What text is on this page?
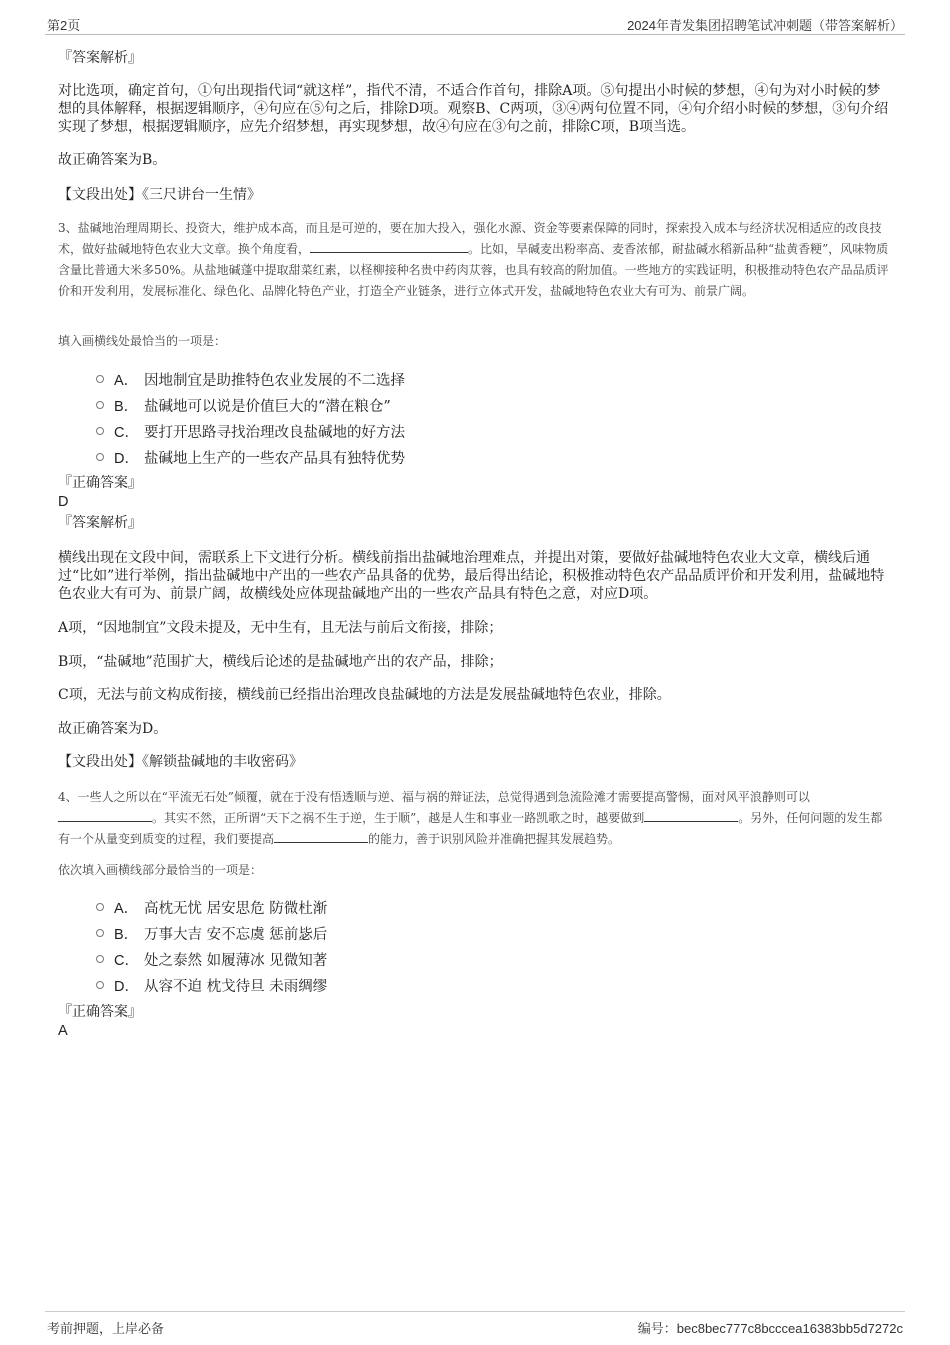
第2页	2024年青发集团招聘笔试冲刺题（带答案解析）
『答案解析』
对比选项，确定首句，①句出现指代词“就这样”，指代不清，不适合作首句，排除A项。⑤句提出小时候的梦想，④句为对小时候的梦想的具体解释，根据逻辑顺序，④句应在⑤句之后，排除D项。观察B、C两项，③④两句位置不同，④句介绍小时候的梦想，③句介绍实现了梦想，根据逻辑顺序，应先介绍梦想，再实现梦想，故④句应在③句之前，排除C项，B项当选。
故正确答案为B。
【文段出处】《三尺讲台一生情》
3、盐碱地治理周期长、投资大，维护成本高，而且是可逆的，要在加大投入，强化水源、资金等要素保障的同时，探索投入成本与经济状况相适应的改良技术，做好盐碱地特色农业大文章。换个角度看，	。比如，旱碱麦出粉率高、麦香浓郁，耐盐碱水稻新品种“盐黄香粳”，风味物质含量比普通大米多50%。从盐地碱蓬中提取甜菜红素，以柽柳接种名贵中药肉苁蓉，也具有较高的附加值。一些地方的实践证明，积极推动特色农产品品质评价和开发利用，发展标准化、绿色化、品牌化特色产业，打造全产业链条，进行立体式开发，盐碱地特色农业大有可为、前景广阔。
填入画横线处最恰当的一项是：
A． 因地制宜是助推特色农业发展的不二选择
B． 盐碱地可以说是价值巨大的“潜在粮仓”
C． 要打开思路寻找治理改良盐碱地的好方法
D． 盐碱地上生产的一些农产品具有独特优势
『正确答案』
D
『答案解析』
横线出现在文段中间，需联系上下文进行分析。横线前指出盐碱地治理难点，并提出对策，要做好盐碱地特色农业大文章，横线后通过“比如”进行举例，指出盐碱地中产出的一些农产品具备的优势，最后得出结论，积极推动特色农产品品质评价和开发利用，盐碱地特色农业大有可为、前景广阔，故横线处应体现盐碱地产出的一些农产品具有特色之意，对应D项。
A项，“因地制宜”文段未提及，无中生有，且无法与前后文衔接，排除；
B项，“盐碱地”范围扩大，横线后论述的是盐碱地产出的农产品，排除；
C项，无法与前文构成衔接，横线前已经指出治理改良盐碱地的方法是发展盐碱地特色农业，排除。
故正确答案为D。
【文段出处】《解锁盐碱地的丰收密码》
4、一些人之所以在“平流无石处”倾覆，就在于没有悟透顺与逆、福与祸的辩证法，总觉得遇到急流险滩才需要提高警惕，面对风平浪静则可以。其实不然，正所谓“天下之祸不生于逆，生于顺”，越是人生和事业一路凯歌之时，越要做到	。另外，任何问题的发生都有一个从量变到质变的过程，我们要提高	的能力，善于识别风险并准确把握其发展趋势。
依次填入画横线部分最恰当的一项是：
A． 高枕无忧 居安思危 防微杜渐
B． 万事大吉 安不忘虞 惩前毖后
C． 处之泰然 如履薄冰 见微知著
D． 从容不迫 枕戈待旦 未雨绸缪
『正确答案』
A
考前押题，上岸必备	编号：bec8bec777c8bcccea16383bb5d7272c
